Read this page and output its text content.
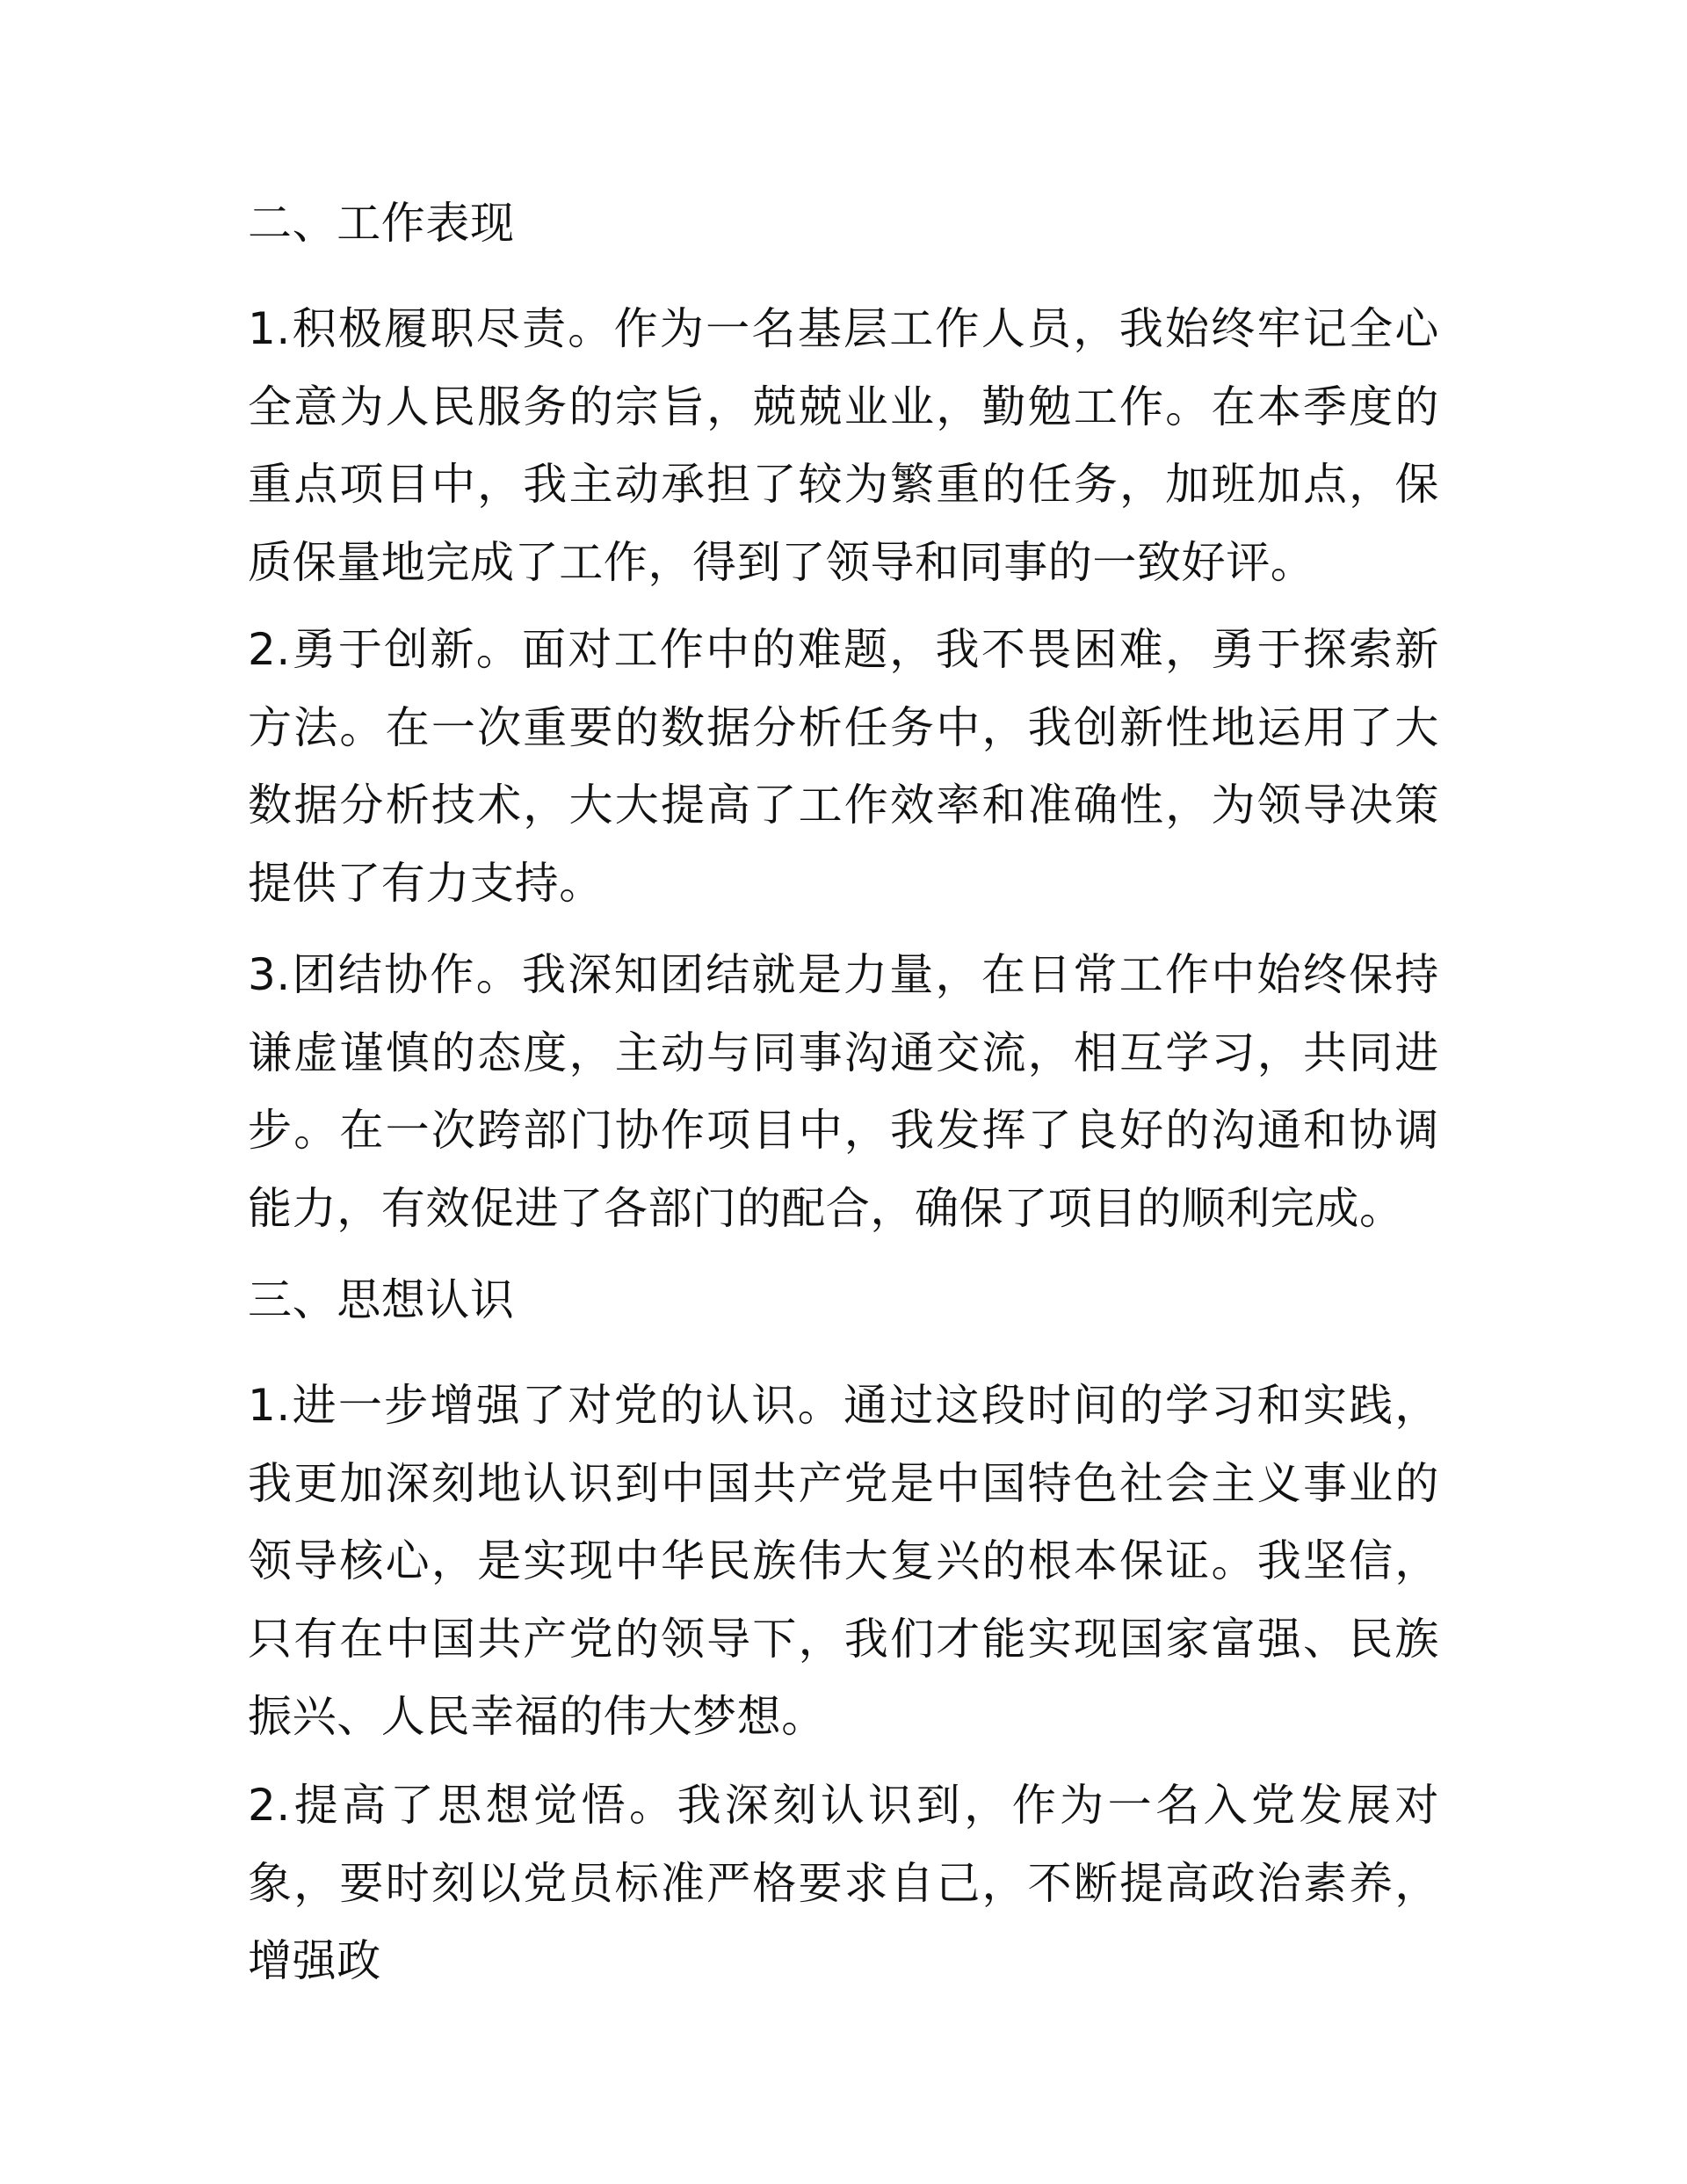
二、工作表现

1.积极履职尽责。作为一名基层工作人员，我始终牢记全心全意为人民服务的宗旨，兢兢业业，勤勉工作。在本季度的重点项目中，我主动承担了较为繁重的任务，加班加点，保质保量地完成了工作，得到了领导和同事的一致好评。

2.勇于创新。面对工作中的难题，我不畏困难，勇于探索新方法。在一次重要的数据分析任务中，我创新性地运用了大数据分析技术，大大提高了工作效率和准确性，为领导决策提供了有力支持。

3.团结协作。我深知团结就是力量，在日常工作中始终保持谦虚谨慎的态度，主动与同事沟通交流，相互学习，共同进步。在一次跨部门协作项目中，我发挥了良好的沟通和协调能力，有效促进了各部门的配合，确保了项目的顺利完成。

三、思想认识

1.进一步增强了对党的认识。通过这段时间的学习和实践，我更加深刻地认识到中国共产党是中国特色社会主义事业的领导核心，是实现中华民族伟大复兴的根本保证。我坚信，只有在中国共产党的领导下，我们才能实现国家富强、民族振兴、人民幸福的伟大梦想。

2.提高了思想觉悟。我深刻认识到，作为一名入党发展对象，要时刻以党员标准严格要求自己，不断提高政治素养，增强政
